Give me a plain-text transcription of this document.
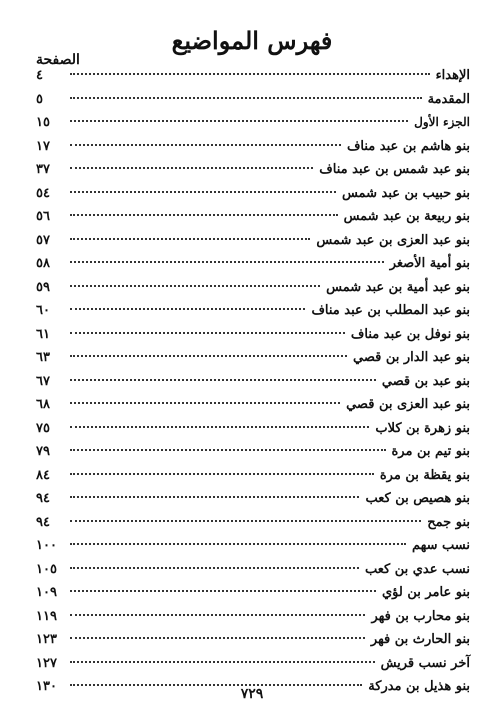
فهرس المواضيع
الصفحة
الإهداء
٤
المقدمة
٥
الجزء الأول
١٥
بنو هاشم بن عبد مناف
١٧
بنو عبد شمس بن عبد مناف
٣٧
بنو حبيب بن عبد شمس
٥٤
بنو ربيعة بن عبد شمس
٥٦
بنو عبد العزى بن عبد شمس
٥٧
بنو أمية الأصغر
٥٨
بنو عبد أمية بن عبد شمس
٥٩
بنو عبد المطلب بن عبد مناف
٦٠
بنو نوفل بن عبد مناف
٦١
بنو عبد الدار بن قصي
٦٣
بنو عبد بن قصي
٦٧
بنو عبد العزى بن قصي
٦٨
بنو زهرة بن كلاب
٧٥
بنو تيم بن مرة
٧٩
بنو يقظة بن مرة
٨٤
بنو هصيص بن كعب
٩٤
بنو جمح
٩٤
نسب سهم
١٠٠
نسب عدي بن كعب
١٠٥
بنو عامر بن لؤي
١٠٩
بنو محارب بن فهر
١١٩
بنو الحارث بن فهر
١٢٣
آخر نسب قريش
١٢٧
بنو هذيل بن مدركة
١٣٠	٧٢٩
